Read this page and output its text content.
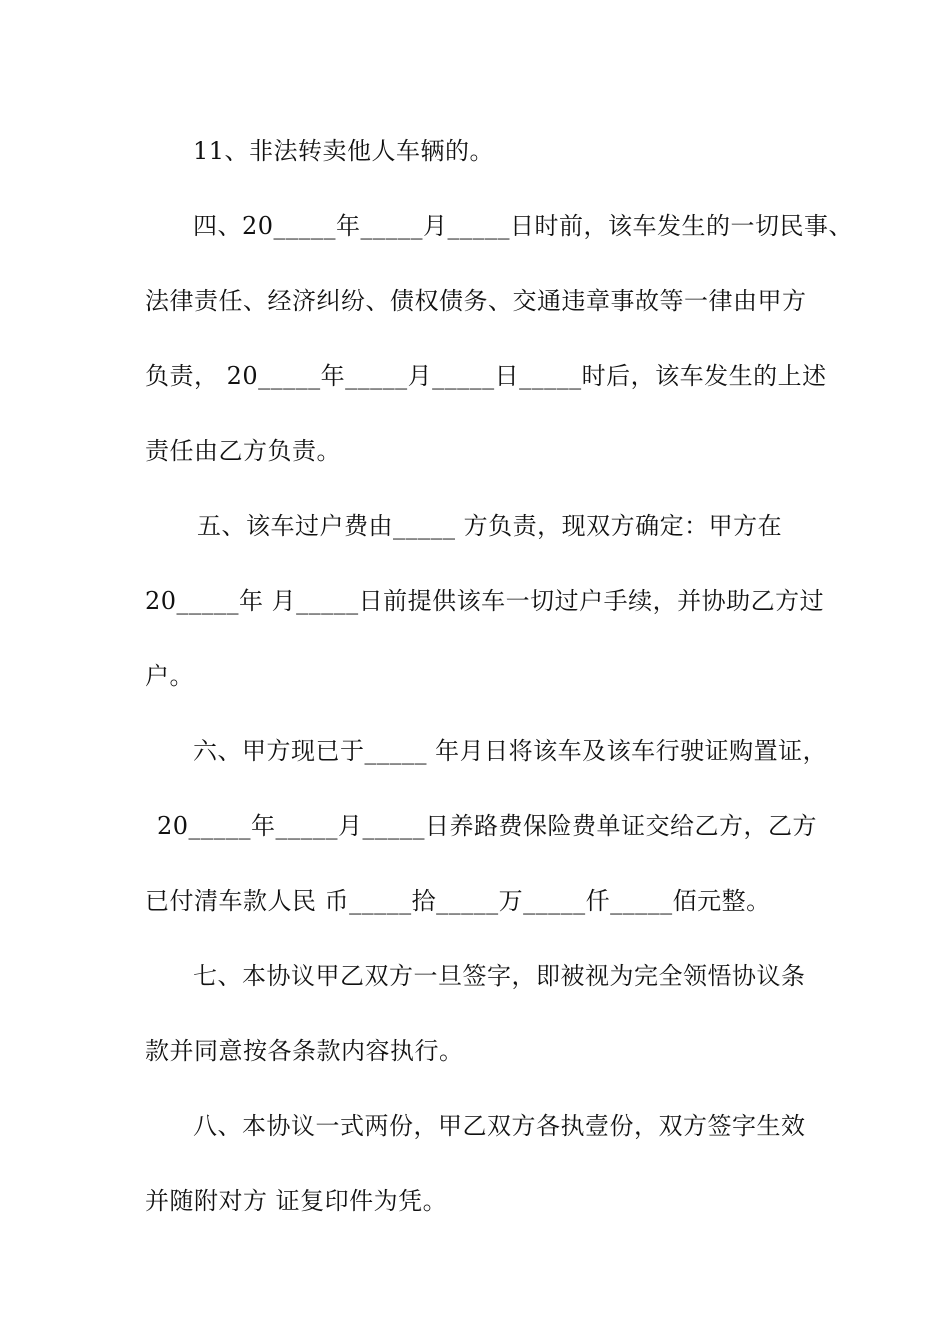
11、非法转卖他人车辆的。
四、20_____年_____月_____日时前，该车发生的一切民事、
法律责任、经济纠纷、债权债务、交通违章事故等一律由甲方
负责， 20_____年_____月_____日_____时后，该车发生的上述
责任由乙方负责。
五、该车过户费由_____ 方负责，现双方确定：甲方在
20_____年 月_____日前提供该车一切过户手续，并协助乙方过
户。
六、甲方现已于_____ 年月日将该车及该车行驶证购置证，
20_____年_____月_____日养路费保险费单证交给乙方，乙方
已付清车款人民 币_____拾_____万_____仟_____佰元整。
七、本协议甲乙双方一旦签字，即被视为完全领悟协议条
款并同意按各条款内容执行。
八、本协议一式两份，甲乙双方各执壹份，双方签字生效
并随附对方 证复印件为凭。
